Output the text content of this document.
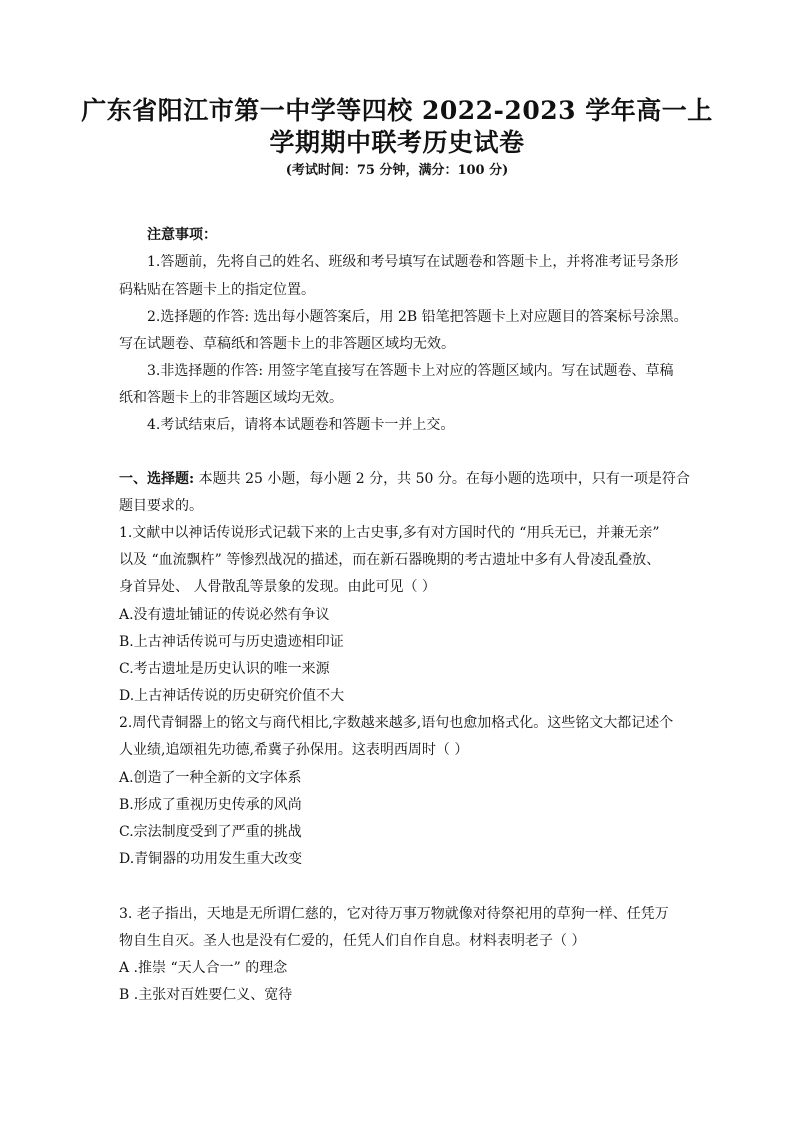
广东省阳江市第一中学等四校 2022-2023 学年高一上
学期期中联考历史试卷
(考试时间：75 分钟，满分：100 分)
注意事项：
1.答题前，先将自己的姓名、班级和考号填写在试题卷和答题卡上，并将准考证号条形
码粘贴在答题卡上的指定位置。
2.选择题的作答: 选出每小题答案后，用 2B 铅笔把答题卡上对应题目的答案标号涂黑。
写在试题卷、草稿纸和答题卡上的非答题区域均无效。
3.非选择题的作答: 用签字笔直接写在答题卡上对应的答题区域内。写在试题卷、草稿
纸和答题卡上的非答题区域均无效。
4.考试结束后，请将本试题卷和答题卡一并上交。
一、选择题: 本题共 25 小题，每小题 2 分，共 50 分。在每小题的选项中，只有一项是符合
题目要求的。
1.文献中以神话传说形式记载下来的上古史事,多有对方国时代的 “用兵无已，并兼无亲”
以及 “血流飘杵” 等惨烈战况的描述，而在新石器晚期的考古遗址中多有人骨凌乱叠放、
身首异处、 人骨散乱等景象的发现。由此可见（ ）
A.没有遗址铺证的传说必然有争议
B.上古神话传说可与历史遗迹相印证
C.考古遗址是历史认识的唯一来源
D.上古神话传说的历史研究价值不大
2.周代青铜器上的铭文与商代相比,字数越来越多,语句也愈加格式化。这些铭文大都记述个
人业绩,追颂祖先功德,希冀子孙保用。这表明西周时（ ）
A.创造了一种全新的文字体系
B.形成了重视历史传承的风尚
C.宗法制度受到了严重的挑战
D.青铜器的功用发生重大改变
3. 老子指出，天地是无所谓仁慈的，它对待万事万物就像对待祭祀用的草狗一样、任凭万
物自生自灭。圣人也是没有仁爱的，任凭人们自作自息。材料表明老子（ ）
A .推崇 “天人合一” 的理念
B .主张对百姓要仁义、宽待
